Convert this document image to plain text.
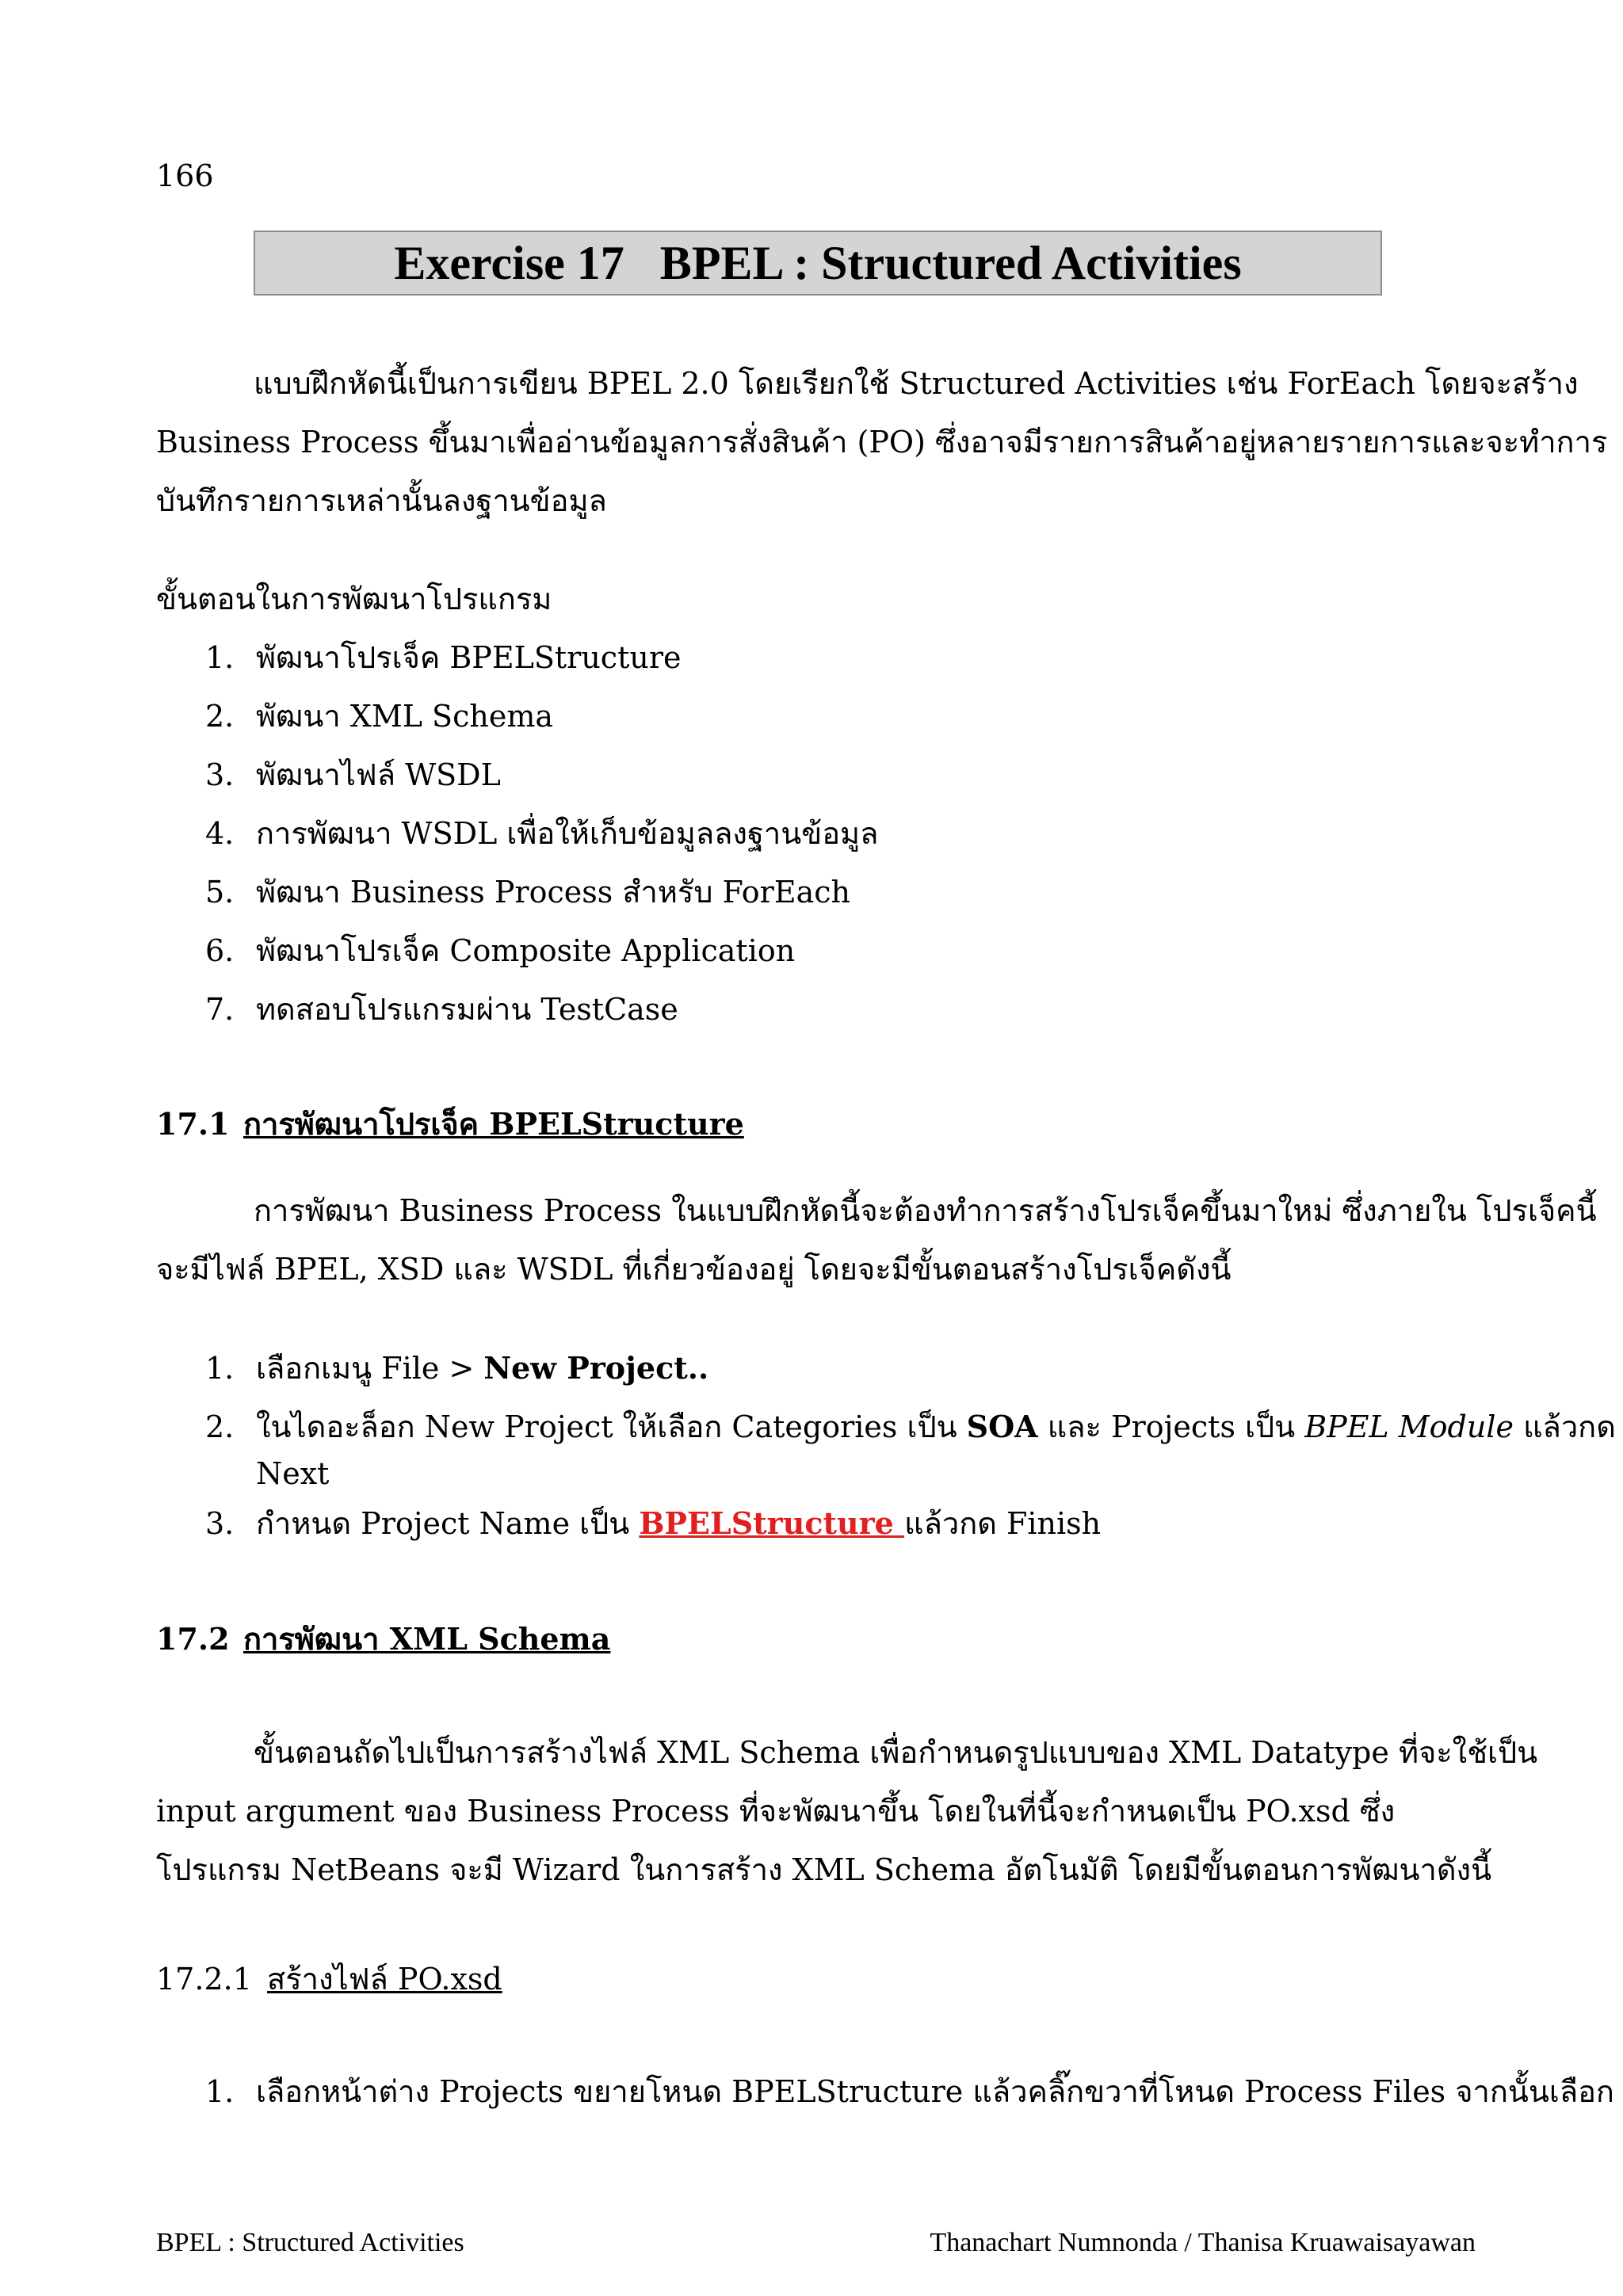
166
Exercise 17   BPEL : Structured Activities
แบบฝึกหัดนี้เป็นการเขียน BPEL 2.0 โดยเรียกใช้ Structured Activities เช่น ForEach โดยจะสร้าง
Business Process ขึ้นมาเพื่ออ่านข้อมูลการสั่งสินค้า (PO) ซึ่งอาจมีรายการสินค้าอยู่หลายรายการและจะทำการ
บันทึกรายการเหล่านั้นลงฐานข้อมูล
ขั้นตอนในการพัฒนาโปรแกรม
1. พัฒนาโปรเจ็ค BPELStructure
2. พัฒนา XML Schema
3. พัฒนาไฟล์ WSDL
4. การพัฒนา WSDL เพื่อให้เก็บข้อมูลลงฐานข้อมูล
5. พัฒนา Business Process สำหรับ ForEach
6. พัฒนาโปรเจ็ค Composite Application
7. ทดสอบโปรแกรมผ่าน TestCase
17.1 การพัฒนาโปรเจ็ค BPELStructure
การพัฒนา Business Process ในแบบฝึกหัดนี้จะต้องทำการสร้างโปรเจ็คขึ้นมาใหม่ ซึ่งภายใน โปรเจ็คนี้
จะมีไฟล์ BPEL, XSD และ WSDL ที่เกี่ยวข้องอยู่ โดยจะมีขั้นตอนสร้างโปรเจ็คดังนี้
1. เลือกเมนู File > New Project..
2. ในไดอะล็อก New Project ให้เลือก Categories เป็น SOA และ Projects เป็น BPEL Module แล้วกด
Next
3. กำหนด Project Name เป็น BPELStructure แล้วกด Finish
17.2 การพัฒนา XML Schema
ขั้นตอนถัดไปเป็นการสร้างไฟล์ XML Schema เพื่อกำหนดรูปแบบของ XML Datatype ที่จะใช้เป็น
input argument ของ Business Process ที่จะพัฒนาขึ้น โดยในที่นี้จะกำหนดเป็น PO.xsd ซึ่ง
โปรแกรม NetBeans จะมี Wizard ในการสร้าง XML Schema อัตโนมัติ โดยมีขั้นตอนการพัฒนาดังนี้
17.2.1 สร้างไฟล์ PO.xsd
1. เลือกหน้าต่าง Projects ขยายโหนด BPELStructure แล้วคลิ๊กขวาที่โหนด Process Files จากนั้นเลือก
BPEL : Structured Activities	Thanachart Numnonda / Thanisa Kruawaisayawan
